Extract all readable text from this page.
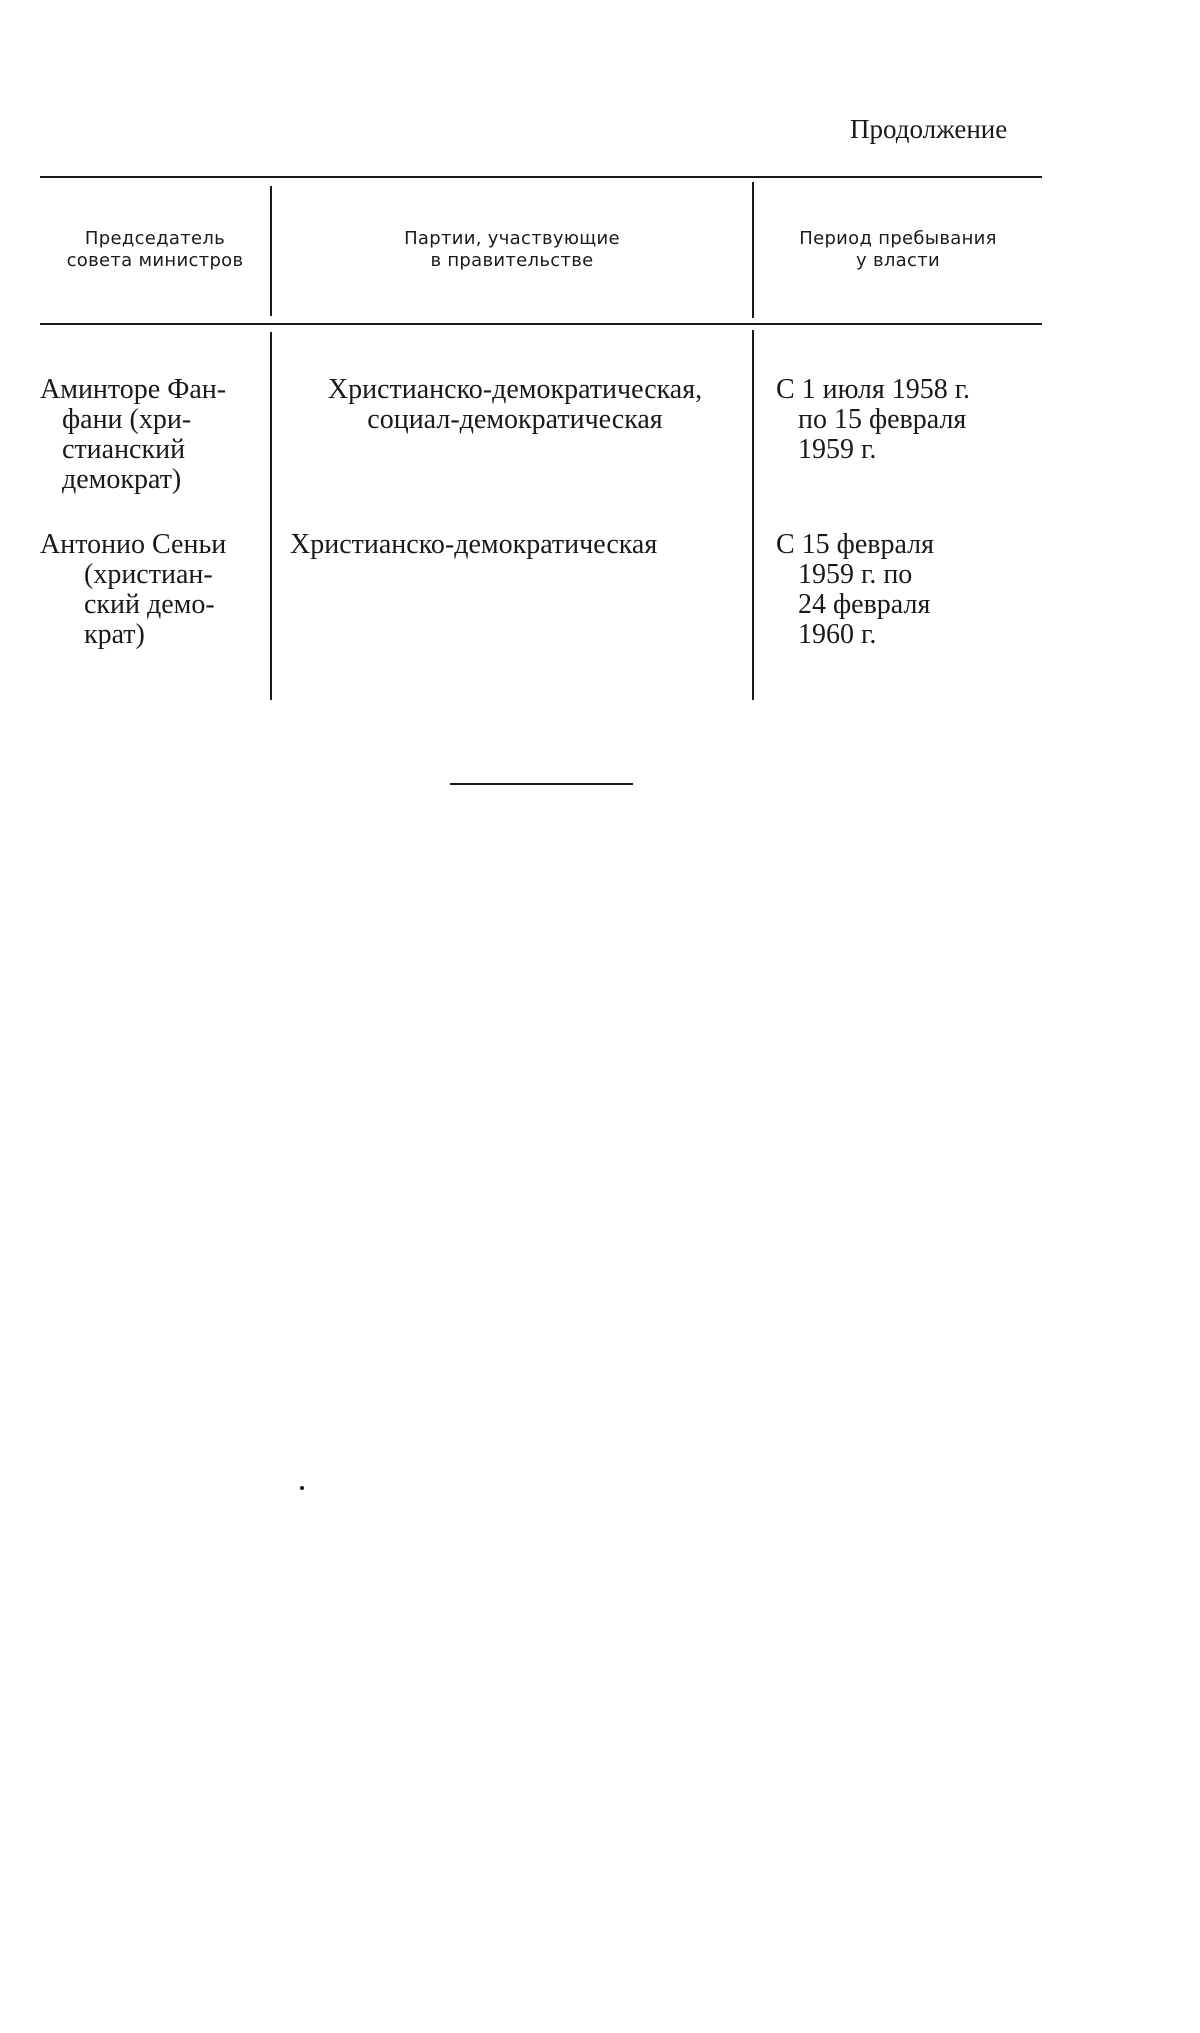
Продолжение
Председатель
совета министров
Партии, участвующие
в правительстве
Период пребывания
у власти
Аминторе Фан-
фани (хри-
стианский
демократ)
Христианско-демократическая,
социал-демократическая
С 1 июля 1958 г.
по 15 февраля
1959 г.
Антонио Сеньи
(христиан-
ский демо-
крат)
Христианско-демократическая	С 15 февраля
1959 г. по
24 февраля
1960 г.
